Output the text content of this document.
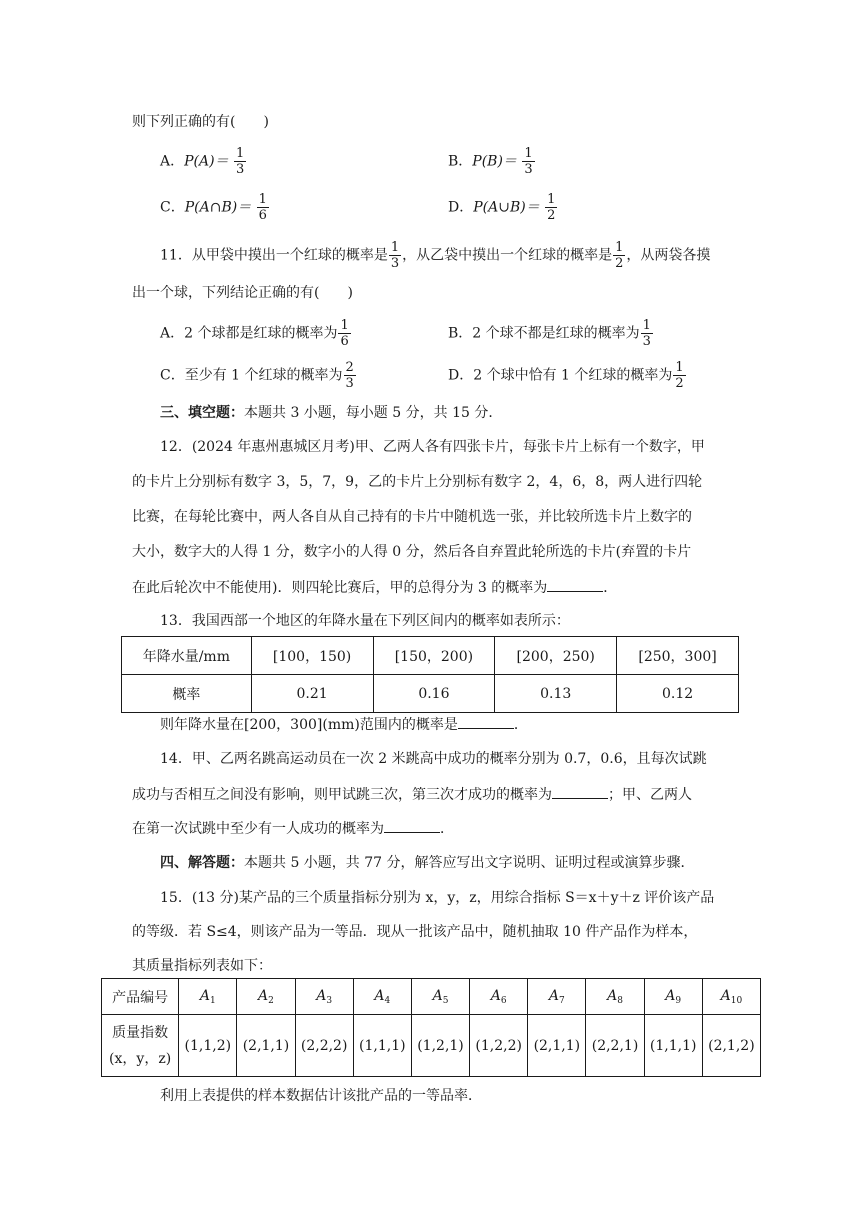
则下列正确的有(　　)
A．$P(A)= \frac{1}{3}$	B．$P(B)= \frac{1}{3}$
C．P(A∩B)＝ $\frac{1}{6}$	D．P(A∪B)＝ $\frac{1}{2}$
11．从甲袋中摸出一个红球的概率是 $\frac{1}{3}$ ，从乙袋中摸出一个红球的概率是 $\frac{1}{2}$ ，从两袋各摸
出一个球，下列结论正确的有(　　)
A．2 个球都是红球的概率为 $\frac{1}{6}$	B．2 个球不都是红球的概率为 $\frac{1}{3}$
C．至少有 1 个红球的概率为 $\frac{2}{3}$	D．2 个球中恰有 1 个红球的概率为 $\frac{1}{2}$
三、填空题：本题共 3 小题，每小题 5 分，共 15 分．
12．(2024 年惠州惠城区月考)甲、乙两人各有四张卡片，每张卡片上标有一个数字，甲
的卡片上分别标有数字 3，5，7，9，乙的卡片上分别标有数字 2，4，6，8，两人进行四轮
比赛，在每轮比赛中，两人各自从自己持有的卡片中随机选一张，并比较所选卡片上数字的
大小，数字大的人得 1 分，数字小的人得 0 分，然后各自弃置此轮所选的卡片(弃置的卡片
在此后轮次中不能使用)．则四轮比赛后，甲的总得分为 3 的概率为	．
13．我国西部一个地区的年降水量在下列区间内的概率如表所示：
年降水量/mm	[100，150)	[150，200)	[200，250)	[250，300]
概率	0.21	0.16	0.13	0.12
则年降水量在[200，300](mm)范围内的概率是	．
14．甲、乙两名跳高运动员在一次 2 米跳高中成功的概率分别为 0.7，0.6，且每次试跳
成功与否相互之间没有影响，则甲试跳三次，第三次才成功的概率为	；甲、乙两人
在第一次试跳中至少有一人成功的概率为	．
四、解答题：本题共 5 小题，共 77 分，解答应写出文字说明、证明过程或演算步骤．
15．(13 分)某产品的三个质量指标分别为 x，y，z，用综合指标 S＝x＋y＋z 评价该产品
的等级．若 S≤4，则该产品为一等品．现从一批该产品中，随机抽取 10 件产品作为样本，
其质量指标列表如下：
产品编号	$A_1$	$A_2$	$A_3$	$A_4$	$A_5$	$A_6$	$A_7$	$A_8$	$A_9$	$A_{10}$
质量指数
(x，y，z)	(1,1,2)	(2,1,1)	(2,2,2)	(1,1,1)	(1,2,1)	(1,2,2)	(2,1,1)	(2,2,1)	(1,1,1)	(2,1,2)
利用上表提供的样本数据估计该批产品的一等品率．
